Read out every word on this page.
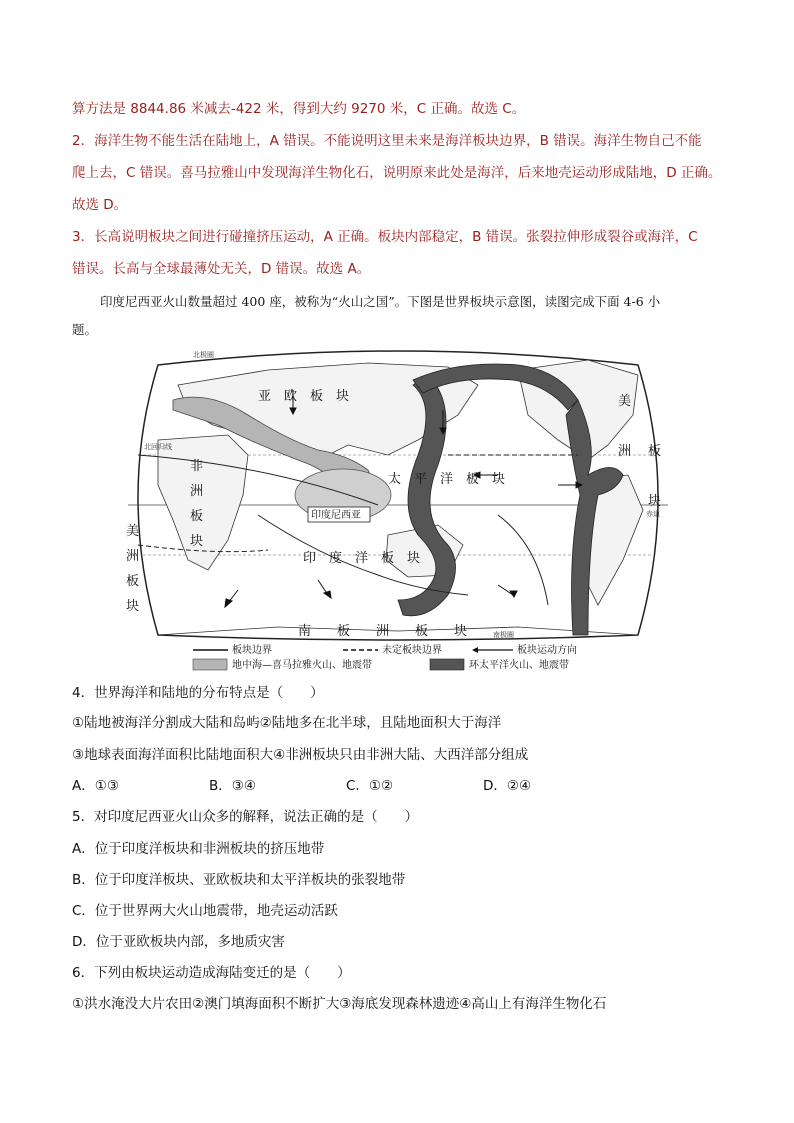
算方法是 8844.86 米减去-422 米，得到大约 9270 米，C 正确。故选 C。
2．海洋生物不能生活在陆地上，A 错误。不能说明这里未来是海洋板块边界，B 错误。海洋生物自己不能
爬上去，C 错误。喜马拉雅山中发现海洋生物化石，说明原来此处是海洋，后来地壳运动形成陆地，D 正确。
故选 D。
3．长高说明板块之间进行碰撞挤压运动，A 正确。板块内部稳定，B 错误。张裂拉伸形成裂谷或海洋，C
错误。长高与全球最薄处无关，D 错误。故选 A。
印度尼西亚火山数量超过 400 座，被称为“火山之国”。下图是世界板块示意图，读图完成下面 4-6 小
题。
亚　欧　板　块
太　平　洋　板　块
印　度　洋　板　块
南　　板　　洲　　板　　块
非
洲
板
块
美
洲
板
块
美
洲 板
块
印度尼西亚
北回归线
赤道
南极圈
北极圈
板块边界	未定板块边界	板块运动方向
地中海—喜马拉雅火山、地震带	环太平洋火山、地震带
4．世界海洋和陆地的分布特点是（　　）
①陆地被海洋分割成大陆和岛屿②陆地多在北半球，且陆地面积大于海洋
③地球表面海洋面积比陆地面积大④非洲板块只由非洲大陆、大西洋部分组成
A．①③	B．③④	C．①②	D．②④
5．对印度尼西亚火山众多的解释，说法正确的是（　　）
A．位于印度洋板块和非洲板块的挤压地带
B．位于印度洋板块、亚欧板块和太平洋板块的张裂地带
C．位于世界两大火山地震带，地壳运动活跃
D．位于亚欧板块内部，多地质灾害
6．下列由板块运动造成海陆变迁的是（　　）
①洪水淹没大片农田②澳门填海面积不断扩大③海底发现森林遗迹④高山上有海洋生物化石
